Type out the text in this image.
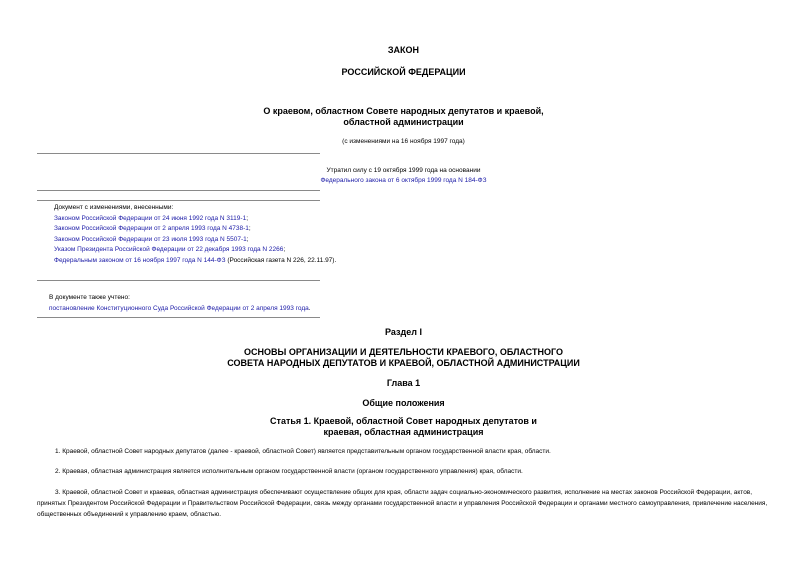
ЗАКОН
РОССИЙСКОЙ ФЕДЕРАЦИИ
О краевом, областном Совете народных депутатов и краевой,
областной администрации
(с изменениями на 16 ноября 1997 года)
Утратил силу с 19 октября 1999 года на основании
Федерального закона от 6 октября 1999 года N 184-ФЗ
Документ с изменениями, внесенными:
Законом Российской Федерации от 24 июня 1992 года N 3119-1;
Законом Российской Федерации от 2 апреля 1993 года N 4738-1;
Законом Российской Федерации от 23 июля 1993 года N 5507-1;
Указом Президента Российской Федерации от 22 декабря 1993 года N 2266;
Федеральным законом от 16 ноября 1997 года N 144-ФЗ (Российская газета N 226, 22.11.97).
В документе также учтено:
постановление Конституционного Суда Российской Федерации от 2 апреля 1993 года.
Раздел I
ОСНОВЫ ОРГАНИЗАЦИИ И ДЕЯТЕЛЬНОСТИ КРАЕВОГО, ОБЛАСТНОГО
СОВЕТА НАРОДНЫХ ДЕПУТАТОВ И КРАЕВОЙ, ОБЛАСТНОЙ АДМИНИСТРАЦИИ
Глава 1
Общие положения
Статья 1. Краевой, областной Совет народных депутатов и
краевая, областная администрация
1. Краевой, областной Совет народных депутатов (далее - краевой, областной Совет) является представительным органом государственной власти края, области.
2. Краевая, областная администрация является исполнительным органом государственной власти (органом государственного управления) края, области.
3. Краевой, областной Совет и краевая, областная администрация обеспечивают осуществление общих для края, области задач социально-экономического развития, исполнение на местах законов Российской Федерации, актов, принятых Президентом Российской Федерации и Правительством Российской Федерации, связь между органами государственной власти и управления Российской Федерации и органами местного самоуправления, привлечение населения, общественных объединений к управлению краем, областью.
